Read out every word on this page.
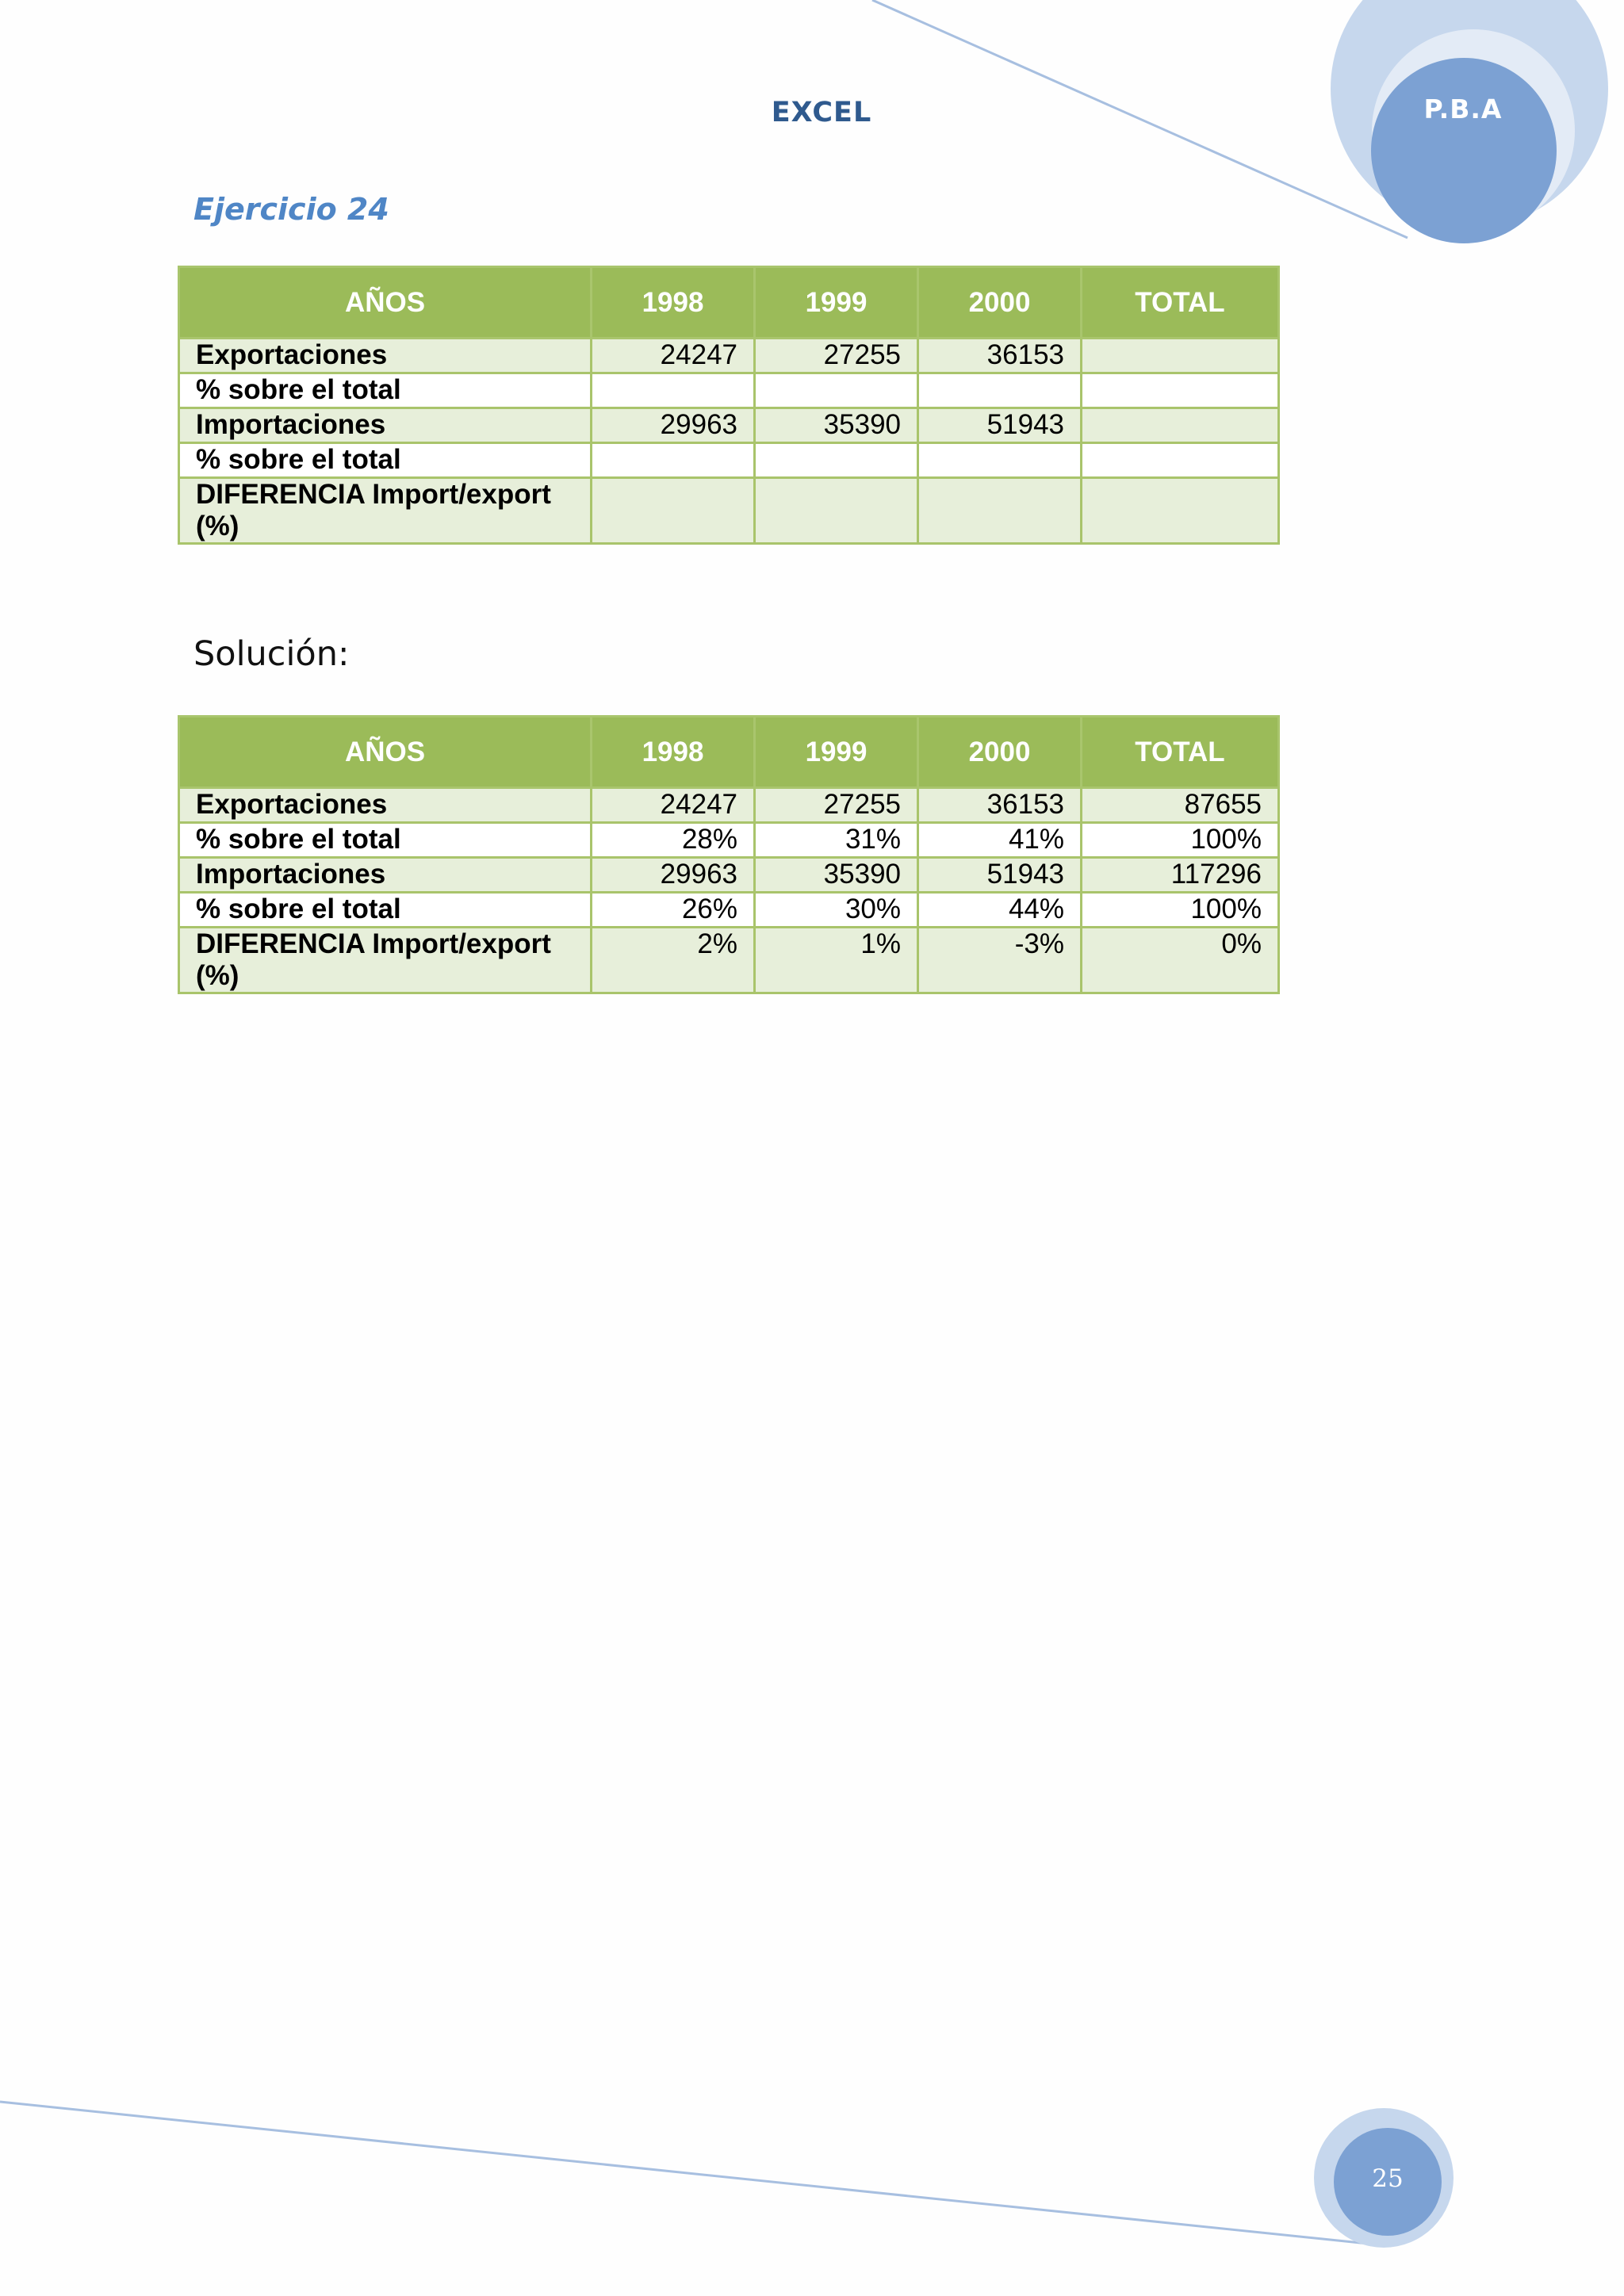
EXCEL	P.B.A
Ejercicio 24
AÑOS	1998	1999	2000	TOTAL
Exportaciones	24247	27255	36153	
% sobre el total				
Importaciones	29963	35390	51943	
% sobre el total				
DIFERENCIA Import/export (%)				
Solución:
AÑOS	1998	1999	2000	TOTAL
Exportaciones	24247	27255	36153	87655
% sobre el total	28%	31%	41%	100%
Importaciones	29963	35390	51943	117296
% sobre el total	26%	30%	44%	100%
DIFERENCIA Import/export (%)	2%	1%	-3%	0%
25
